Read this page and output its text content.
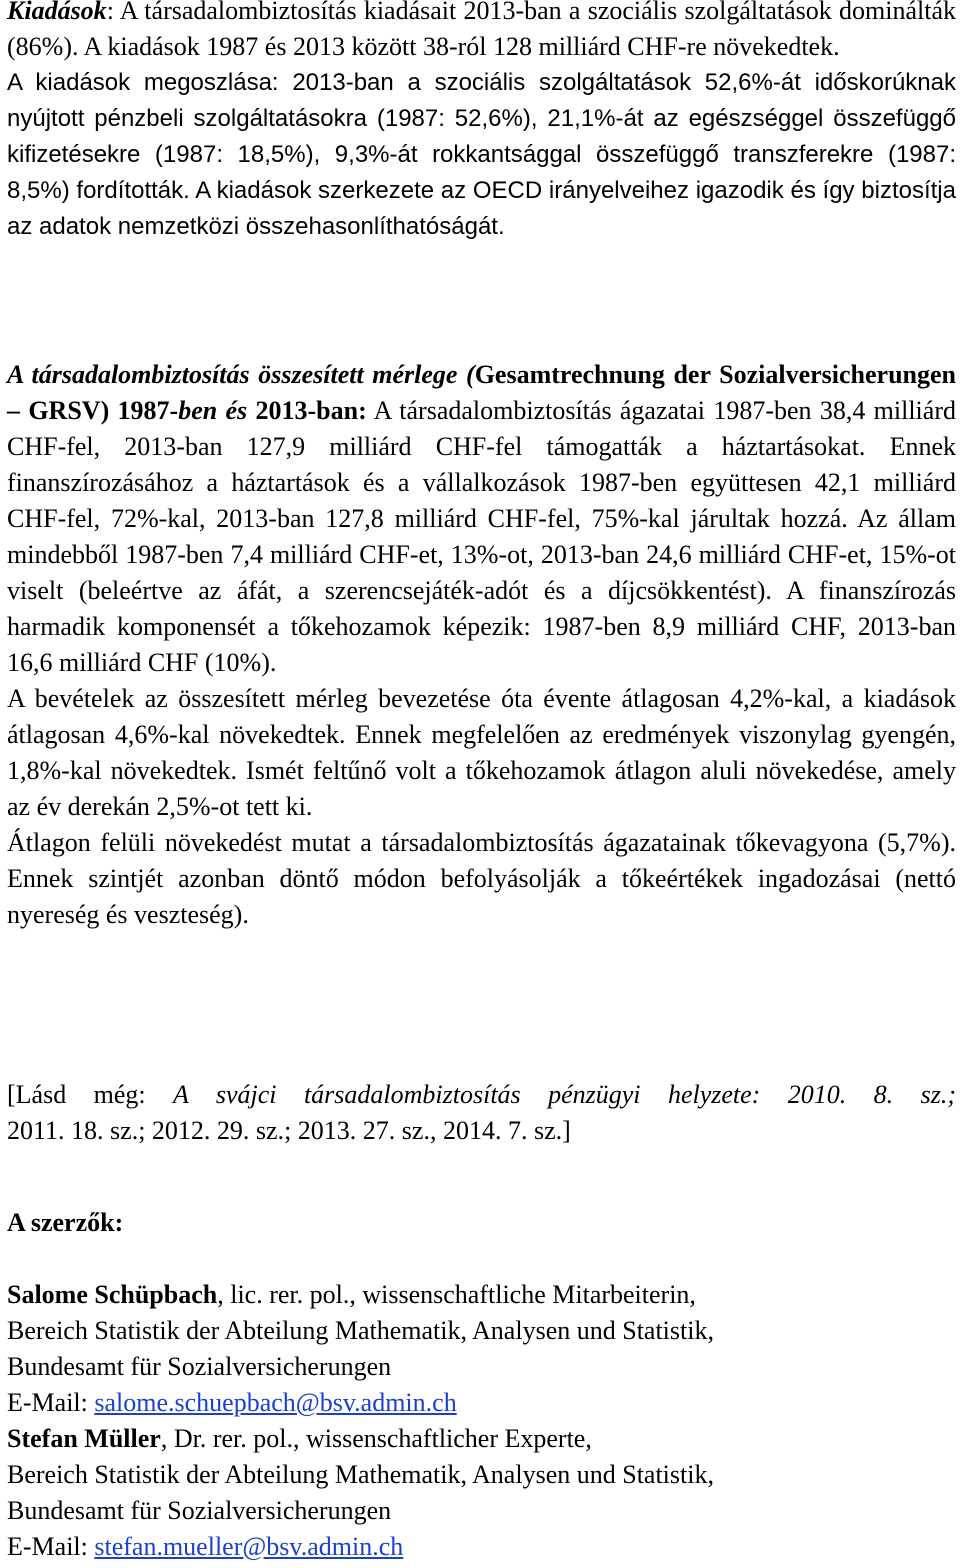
Kiadások: A társadalombiztosítás kiadásait 2013-ban a szociális szolgáltatások dominálták (86%). A kiadások 1987 és 2013 között 38-ról 128 milliárd CHF-re növekedtek.

A kiadások megoszlása: 2013-ban a szociális szolgáltatások 52,6%-át időskorúknak nyújtott pénzbeli szolgáltatásokra (1987: 52,6%), 21,1%-át az egészséggel összefüggő kifizetésekre (1987: 18,5%), 9,3%-át rokkantsággal összefüggő transzferekre (1987: 8,5%) fordították. A kiadások szerkezete az OECD irányelveihez igazodik és így biztosítja az adatok nemzetközi összehasonlíthatóságát.

A társadalombiztosítás összesített mérlege (Gesamtrechnung der Sozialversicherungen – GRSV) 1987-ben és 2013-ban: A társadalombiztosítás ágazatai 1987-ben 38,4 milliárd CHF-fel, 2013-ban 127,9 milliárd CHF-fel támogatták a háztartásokat. Ennek finanszírozásához a háztartások és a vállalkozások 1987-ben együttesen 42,1 milliárd CHF-fel, 72%-kal, 2013-ban 127,8 milliárd CHF-fel, 75%-kal járultak hozzá. Az állam mindebből 1987-ben 7,4 milliárd CHF-et, 13%-ot, 2013-ban 24,6 milliárd CHF-et, 15%-ot viselt (beleértve az áfát, a szerencsejáték-adót és a díjcsökkentést). A finanszírozás harmadik komponensét a tőkehozamok képezik: 1987-ben 8,9 milliárd CHF, 2013-ban 16,6 milliárd CHF (10%).

A bevételek az összesített mérleg bevezetése óta évente átlagosan 4,2%-kal, a kiadások átlagosan 4,6%-kal növekedtek. Ennek megfelelően az eredmények viszonylag gyengén, 1,8%-kal növekedtek. Ismét feltűnő volt a tőkehozamok átlagon aluli növekedése, amely az év derekán 2,5%-ot tett ki.

Átlagon felüli növekedést mutat a társadalombiztosítás ágazatainak tőkevagyona (5,7%). Ennek szintjét azonban döntő módon befolyásolják a tőkeértékek ingadozásai (nettó nyereség és veszteség).

[Lásd még: A svájci társadalombiztosítás pénzügyi helyzete: 2010. 8. sz.;
2011. 18. sz.; 2012. 29. sz.; 2013. 27. sz., 2014. 7. sz.]
A szerzők:
Salome Schüpbach, lic. rer. pol., wissenschaftliche Mitarbeiterin,
Bereich Statistik der Abteilung Mathematik, Analysen und Statistik,
Bundesamt für Sozialversicherungen
E-Mail: salome.schuepbach@bsv.admin.ch
Stefan Müller, Dr. rer. pol., wissenschaftlicher Experte,
Bereich Statistik der Abteilung Mathematik, Analysen und Statistik,
Bundesamt für Sozialversicherungen
E-Mail: stefan.mueller@bsv.admin.ch
